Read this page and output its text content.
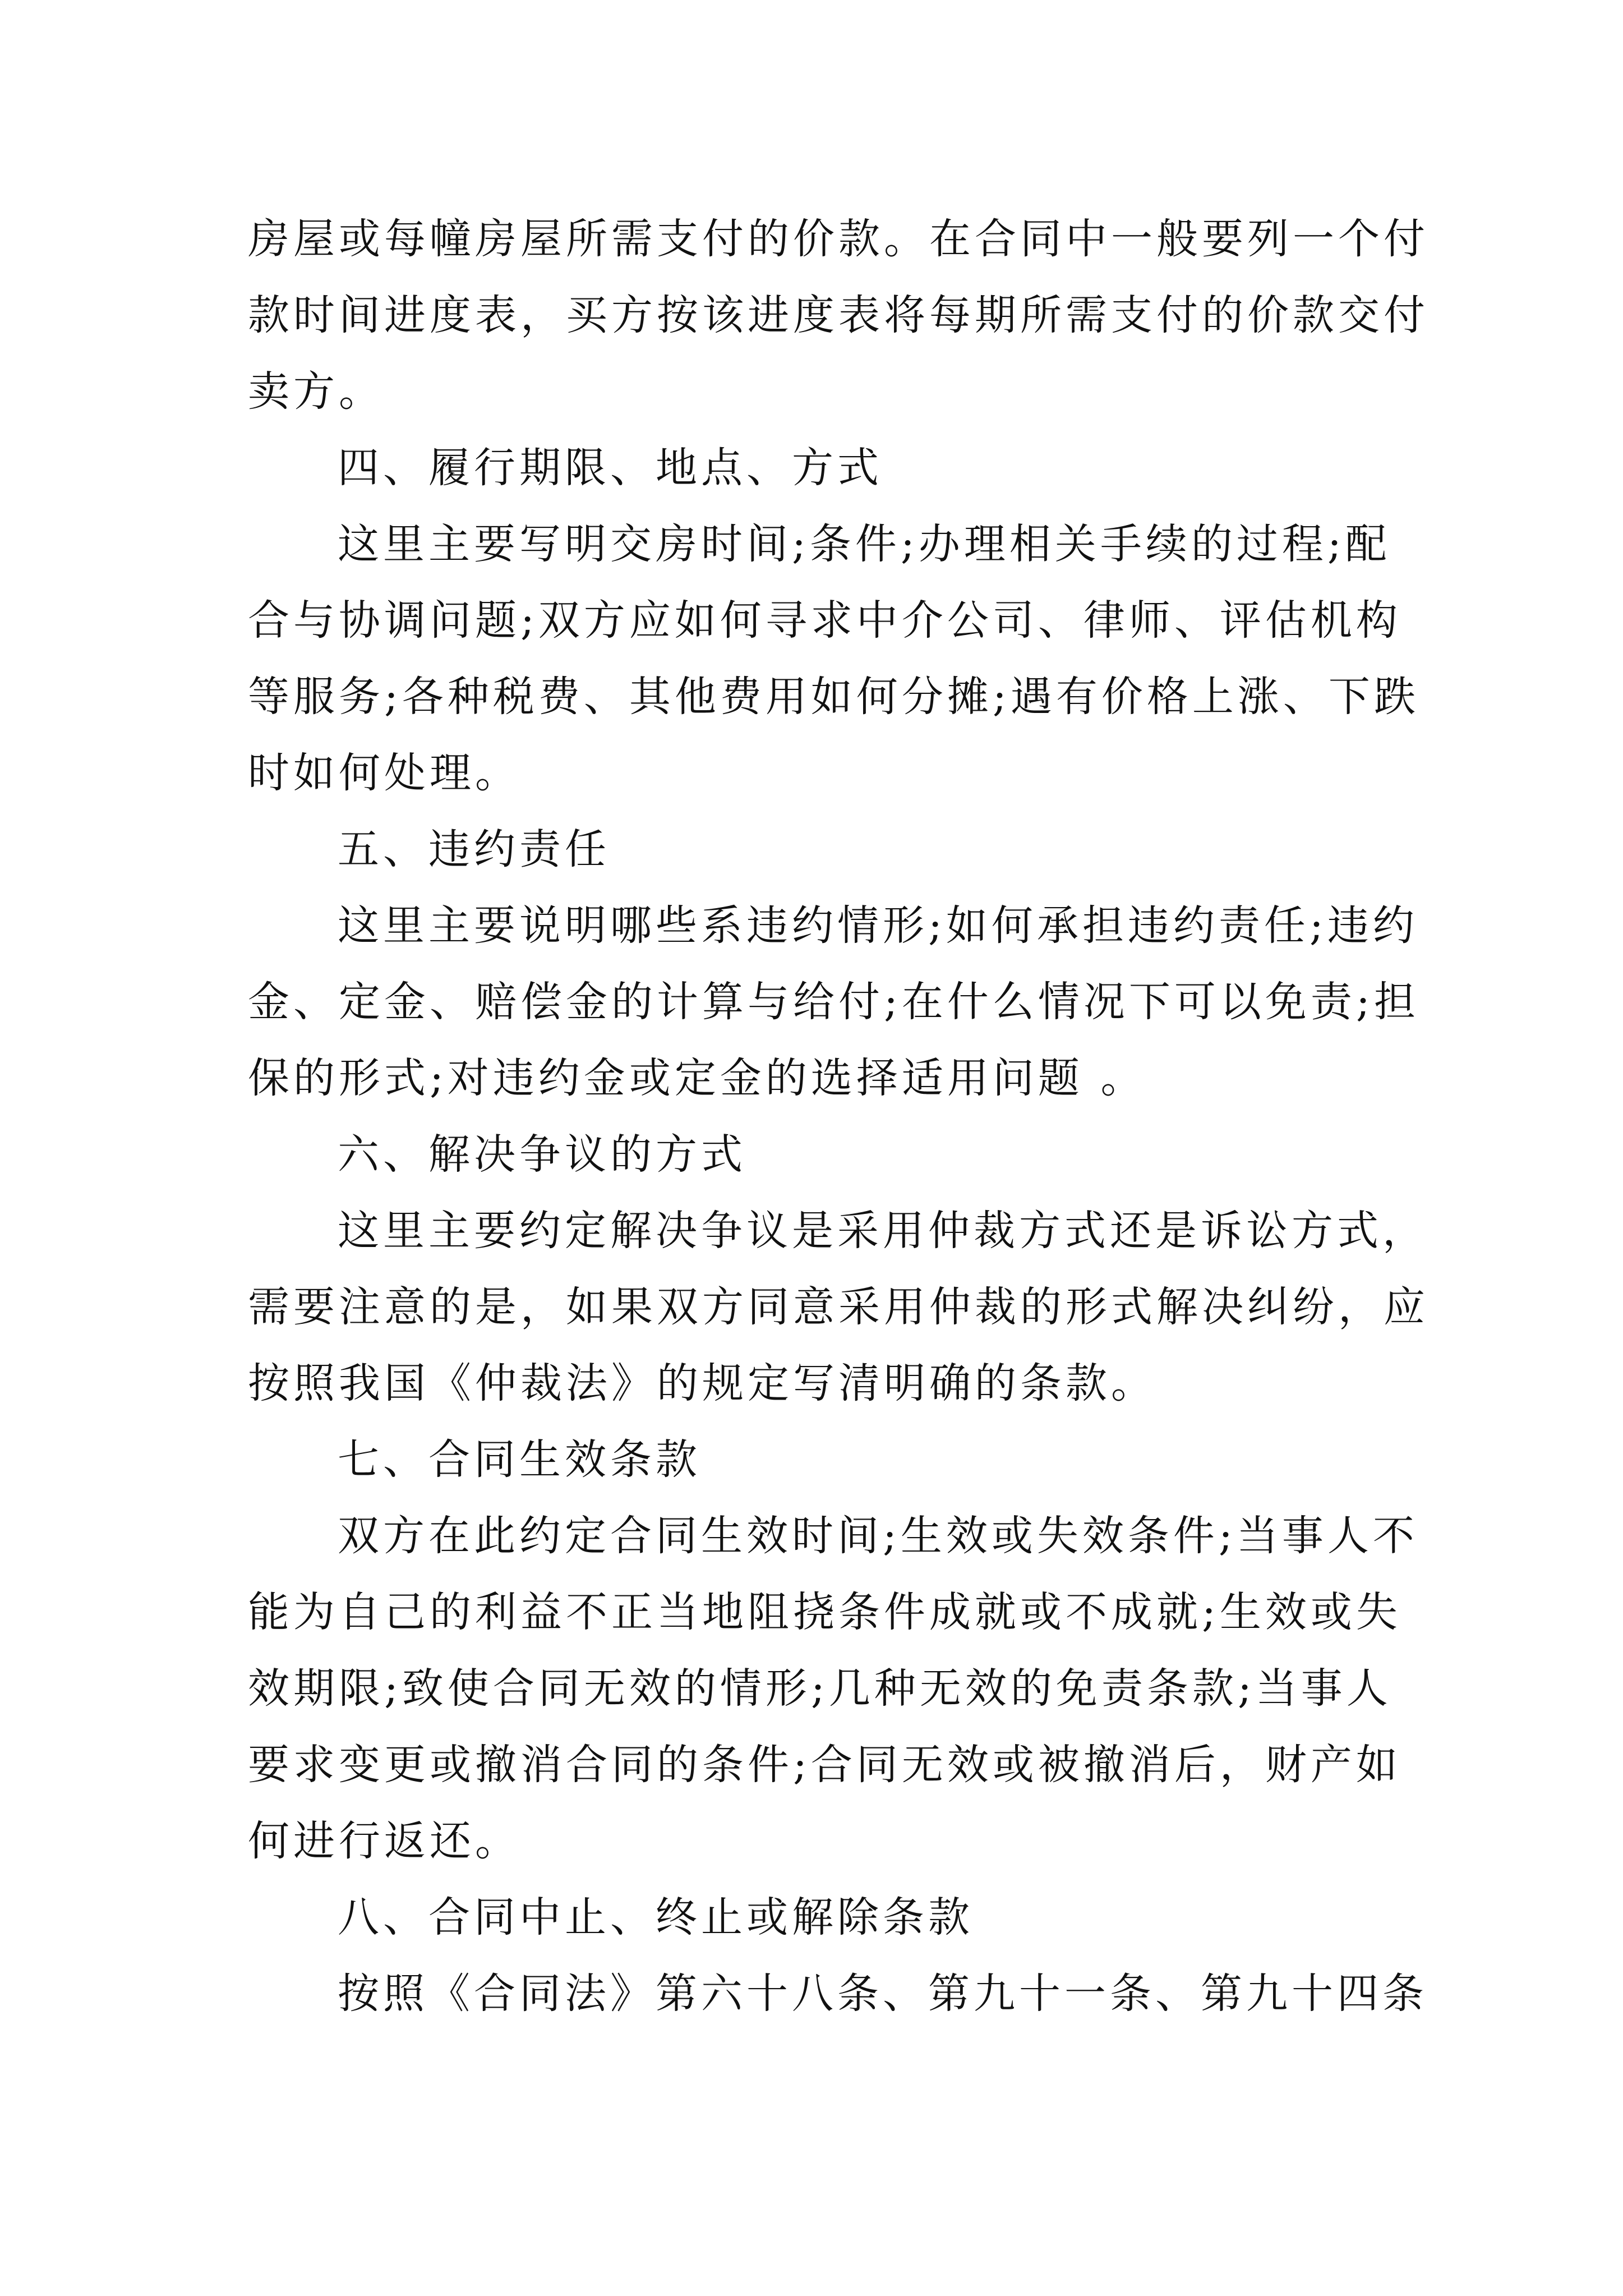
房屋或每幢房屋所需支付的价款。在合同中一般要列一个付
款时间进度表，买方按该进度表将每期所需支付的价款交付
卖方。

四、履行期限、地点、方式

这里主要写明交房时间;条件;办理相关手续的过程;配
合与协调问题;双方应如何寻求中介公司、律师、评估机构
等服务;各种税费、其他费用如何分摊;遇有价格上涨、下跌
时如何处理。

五、违约责任

这里主要说明哪些系违约情形;如何承担违约责任;违约
金、定金、赔偿金的计算与给付;在什么情况下可以免责;担
保的形式;对违约金或定金的选择适用问题 。

六、解决争议的方式

这里主要约定解决争议是采用仲裁方式还是诉讼方式，
需要注意的是，如果双方同意采用仲裁的形式解决纠纷，应
按照我国《仲裁法》的规定写清明确的条款。

七、合同生效条款

双方在此约定合同生效时间;生效或失效条件;当事人不
能为自己的利益不正当地阻挠条件成就或不成就;生效或失
效期限;致使合同无效的情形;几种无效的免责条款;当事人
要求变更或撤消合同的条件;合同无效或被撤消后，财产如
何进行返还。

八、合同中止、终止或解除条款

按照《合同法》第六十八条、第九十一条、第九十四条
